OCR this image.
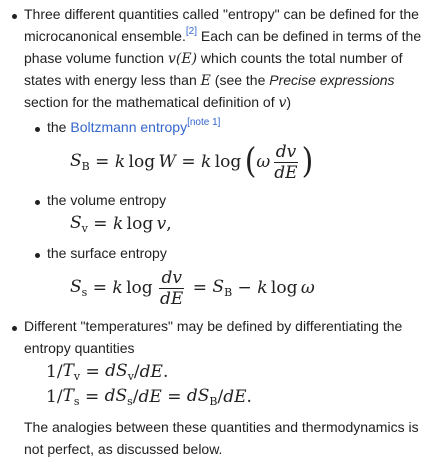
Three different quantities called "entropy" can be defined for the
microcanonical ensemble.[2] Each can be defined in terms of the
phase volume function v(E) which counts the total number of
states with energy less than E (see the Precise expressions
section for the mathematical definition of v)
the Boltzmann entropy[note 1]
$S_B = k$  log  W = k  log  ( ω $\frac{dv}{dE}$ )
the volume entropy
$S_v = k$  log  v ,
the surface entropy
$S_s = k$  $\log \frac{dv}{dE} = S_B - k$  log  ω
Different "temperatures" may be defined by differentiating the
entropy quantities
1/ $T_v = dS_v$ / dE .
1/ $T_s = dS_s$ / dE = $dS_B$ / dE .
The analogies between these quantities and thermodynamics is
not perfect, as discussed below.
